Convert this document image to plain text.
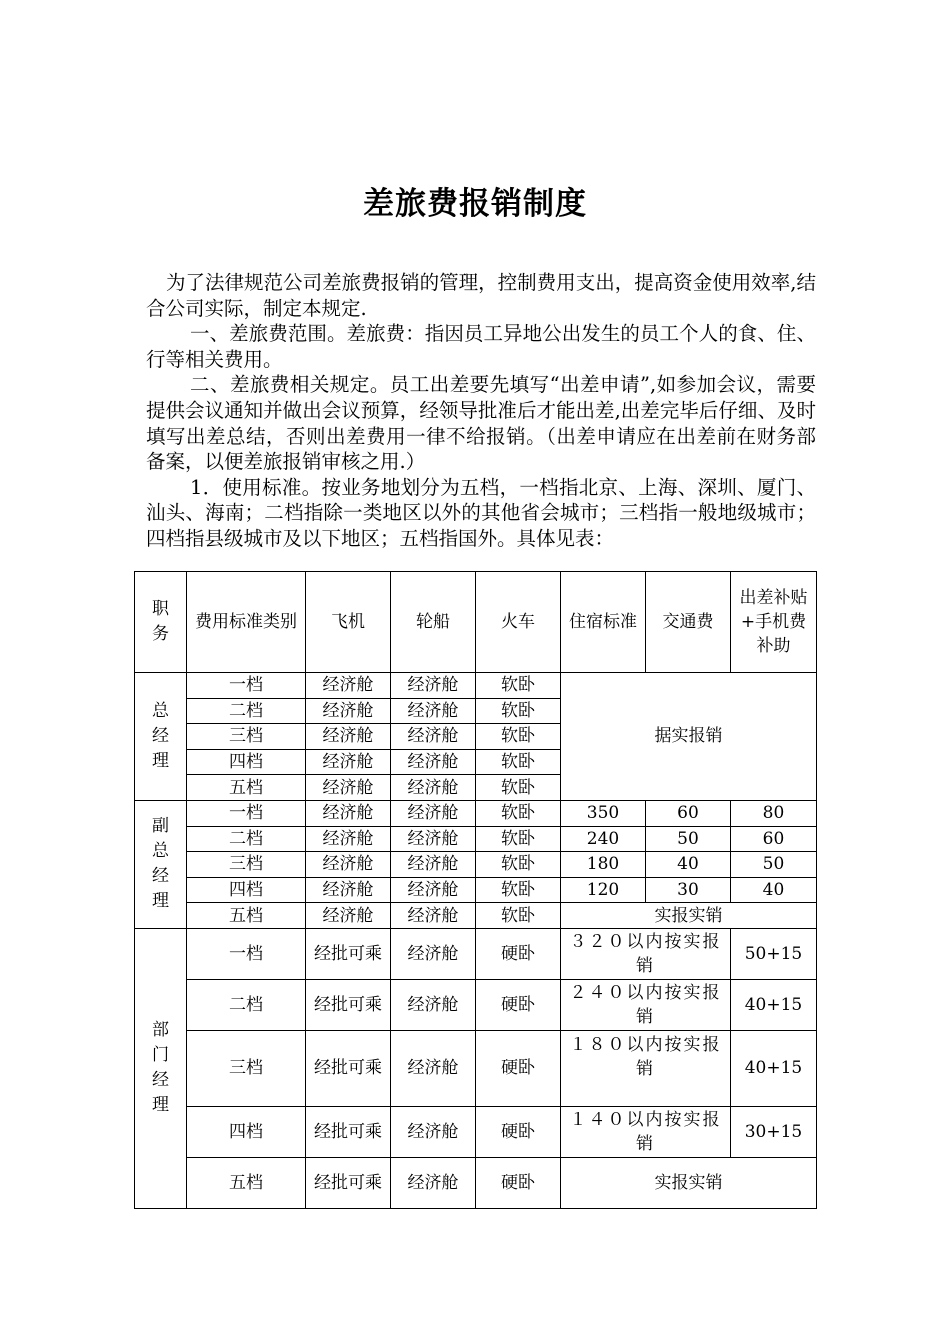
差旅费报销制度

为了法律规范公司差旅费报销的管理，控制费用支出，提高资金使用效率,结合公司实际，制定本规定.

一、差旅费范围。差旅费：指因员工异地公出发生的员工个人的食、住、行等相关费用。

二、差旅费相关规定。员工出差要先填写“出差申请”,如参加会议，需要提供会议通知并做出会议预算，经领导批准后才能出差,出差完毕后仔细、及时填写出差总结，否则出差费用一律不给报销。（出差申请应在出差前在财务部备案，以便差旅报销审核之用.）

1．使用标准。按业务地划分为五档，一档指北京、上海、深圳、厦门、汕头、海南；二档指除一类地区以外的其他省会城市；三档指一般地级城市；四档指县级城市及以下地区；五档指国外。具体见表：

职务	费用标准类别	飞机	轮船	火车	住宿标准	交通费	出差补贴+手机费补助

总经理	一档	经济舱	经济舱	软卧	据实报销		
	二档	经济舱	经济舱	软卧			
	三档	经济舱	经济舱	软卧			
	四档	经济舱	经济舱	软卧			
	五档	经济舱	经济舱	软卧			

副总经理	一档	经济舱	经济舱	软卧	350	60	80
	二档	经济舱	经济舱	软卧	240	50	60
	三档	经济舱	经济舱	软卧	180	40	50
	四档	经济舱	经济舱	软卧	120	30	40
	五档	经济舱	经济舱	软卧	实报实销		

部门经理	一档	经批可乘	经济舱	硬卧	３２０以内按实报销		50+15
	二档	经批可乘	经济舱	硬卧	２４０以内按实报销		40+15
	三档	经批可乘	经济舱	硬卧	１８０以内按实报销		40+15
	四档	经批可乘	经济舱	硬卧	１４０以内按实报销		30+15
	五档	经批可乘	经济舱	硬卧	实报实销		
